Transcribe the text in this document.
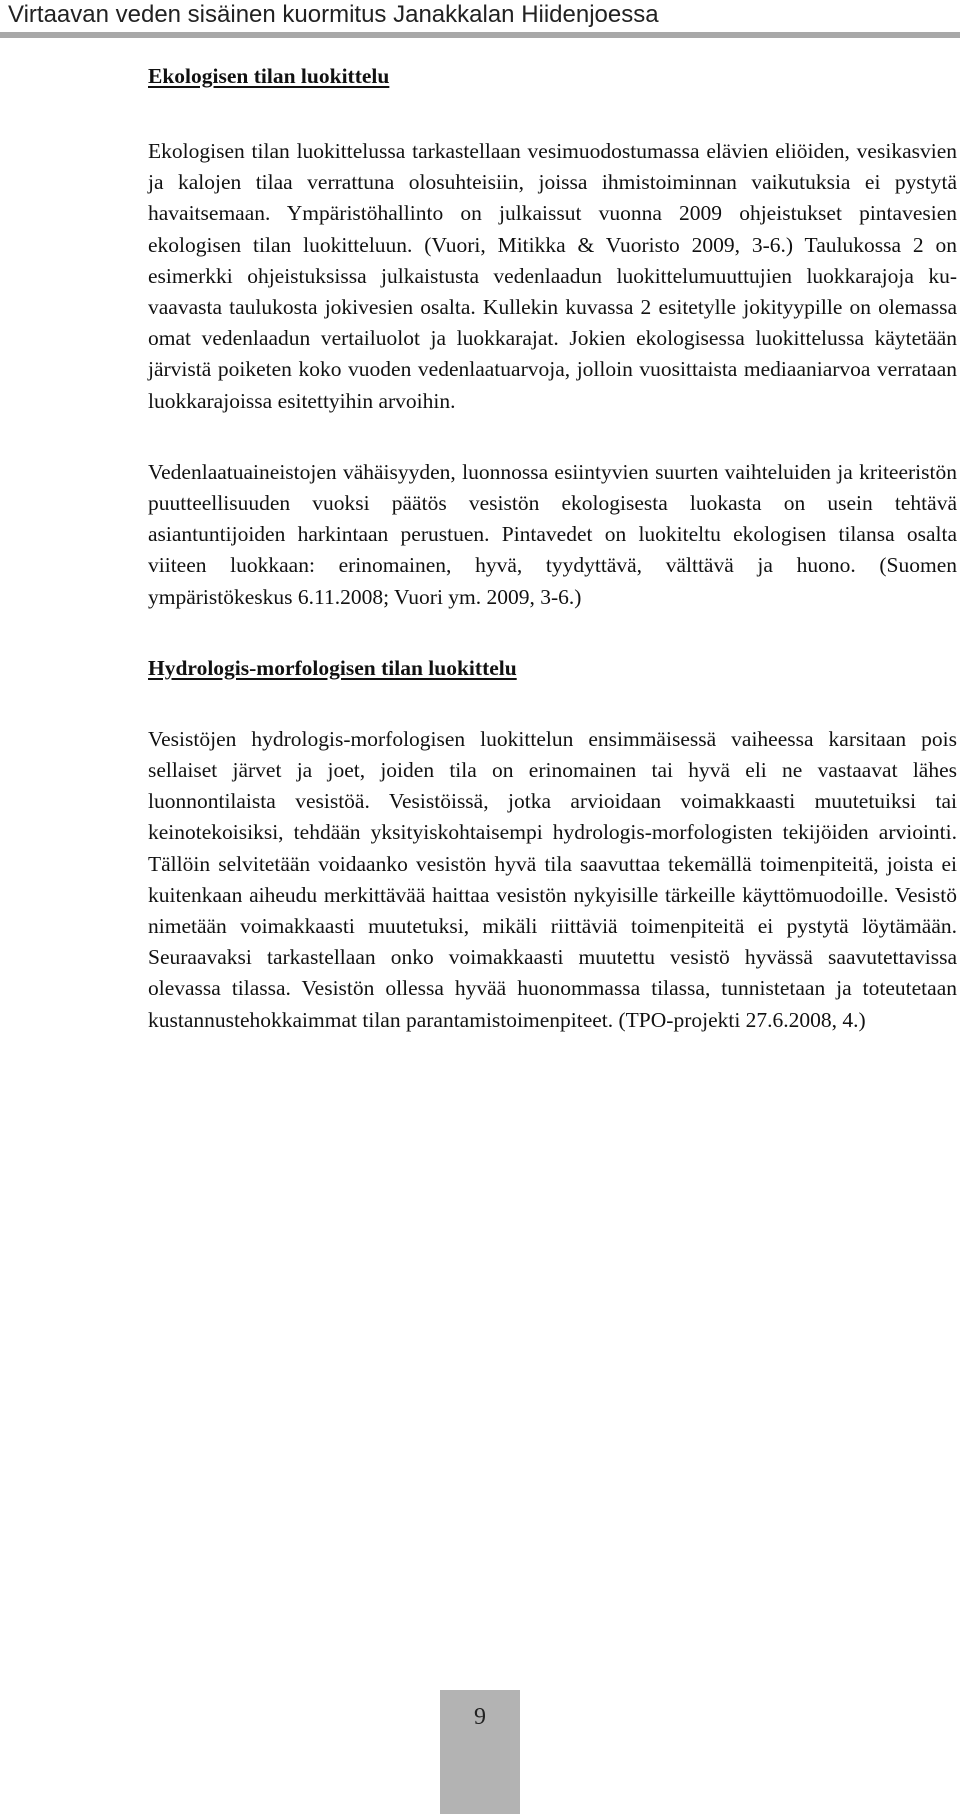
Virtaavan veden sisäinen kuormitus Janakkalan Hiidenjoessa
Ekologisen tilan luokittelu

Ekologisen tilan luokittelussa tarkastellaan vesimuodostumassa elävien eliöiden, vesikasvien ja kalojen tilaa verrattuna olosuhteisiin, joissa ihmistoiminnan vaikutuksia ei pystytä havaitsemaan. Ympäristöhallinto on julkaissut vuonna 2009 ohjeistukset pintavesien ekologisen tilan luokitteluun. (Vuori, Mitikka & Vuoristo 2009, 3-6.) Taulukossa 2 on esimerkki ohjeistuksissa julkaistusta vedenlaadun luokittelumuuttujien luokkarajoja kuvaavasta taulukosta jokivesien osalta. Kullekin kuvassa 2 esitetylle jokityypille on olemassa omat vedenlaadun vertailuolot ja luokkarajat. Jokien ekologisessa luokittelussa käytetään järvistä poiketen koko vuoden vedenlaatuarvoja, jolloin vuosittaista mediaaniarvoa verrataan luokkarajoissa esitettyihin arvoihin.

Vedenlaatuaineistojen vähäisyyden, luonnossa esiintyvien suurten vaihteluiden ja kriteeristön puutteellisuuden vuoksi päätös vesistön ekologisesta luokasta on usein tehtävä asiantuntijoiden harkintaan perustuen. Pintavedet on luokiteltu ekologisen tilansa osalta viiteen luokkaan: erinomainen, hyvä, tyydyttävä, välttävä ja huono. (Suomen ympäristökeskus 6.11.2008; Vuori ym. 2009, 3-6.)

Hydrologis-morfologisen tilan luokittelu

Vesistöjen hydrologis-morfologisen luokittelun ensimmäisessä vaiheessa karsitaan pois sellaiset järvet ja joet, joiden tila on erinomainen tai hyvä eli ne vastaavat lähes luonnontilaista vesistöä. Vesistöissä, jotka arvioidaan voimakkaasti muutetuiksi tai keinotekoisiksi, tehdään yksityiskohtaisempi hydrologis-morfologisten tekijöiden arviointi. Tällöin selvitetään voidaanko vesistön hyvä tila saavuttaa tekemällä toimenpiteitä, joista ei kuitenkaan aiheudu merkittävää haittaa vesistön nykyisille tärkeille käyttömuodoille. Vesistö nimetään voimakkaasti muutetuksi, mikäli riittäviä toimenpiteitä ei pystytä löytämään. Seuraavaksi tarkastellaan onko voimakkaasti muutettu vesistö hyvässä saavutettavissa olevassa tilassa. Vesistön ollessa hyvää huonommassa tilassa, tunnistetaan ja toteutetaan kustannustehokkaimmat tilan parantamistoimenpiteet. (TPO-projekti 27.6.2008, 4.)

9
